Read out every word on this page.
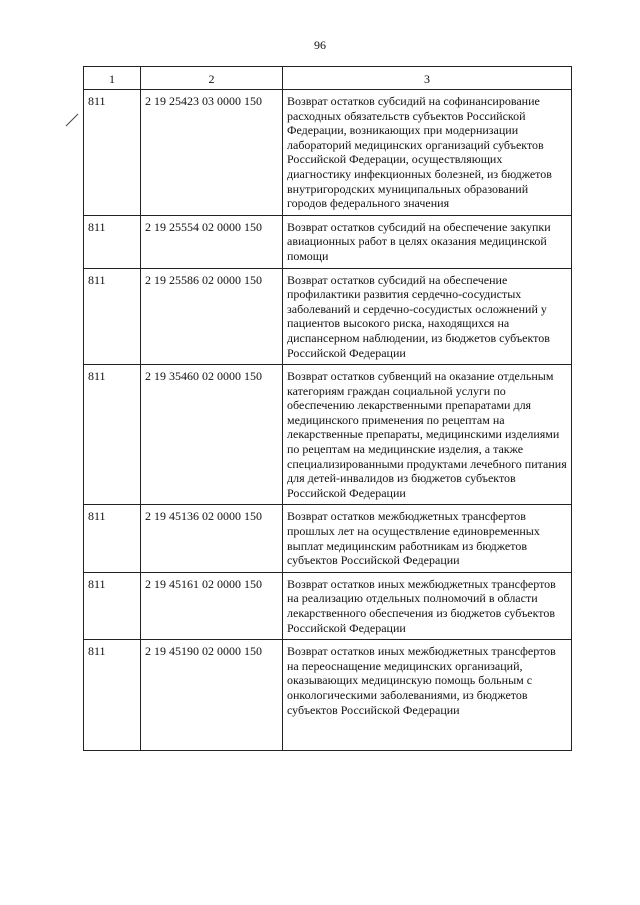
96
1	2	3
811	2 19 25423 03 0000 150	Возврат остатков субсидий на софинансирование расходных обязательств субъектов Российской Федерации, возникающих при модернизации лабораторий медицинских организаций субъектов Российской Федерации, осуществляющих диагностику инфекционных болезней, из бюджетов внутригородских муниципальных образований городов федерального значения
811	2 19 25554 02 0000 150	Возврат остатков субсидий на обеспечение закупки авиационных работ в целях оказания медицинской помощи
811	2 19 25586 02 0000 150	Возврат остатков субсидий на обеспечение профилактики развития сердечно-сосудистых заболеваний и сердечно-сосудистых осложнений у пациентов высокого риска, находящихся на диспансерном наблюдении, из бюджетов субъектов Российской Федерации
811	2 19 35460 02 0000 150	Возврат остатков субвенций на оказание отдельным категориям граждан социальной услуги по обеспечению лекарственными препаратами для медицинского применения по рецептам на лекарственные препараты, медицинскими изделиями по рецептам на медицинские изделия, а также специализированными продуктами лечебного питания для детей-инвалидов из бюджетов субъектов Российской Федерации
811	2 19 45136 02 0000 150	Возврат остатков межбюджетных трансфертов прошлых лет на осуществление единовременных выплат медицинским работникам из бюджетов субъектов Российской Федерации
811	2 19 45161 02 0000 150	Возврат остатков иных межбюджетных трансфертов на реализацию отдельных полномочий в области лекарственного обеспечения из бюджетов субъектов Российской Федерации
811	2 19 45190 02 0000 150	Возврат остатков иных межбюджетных трансфертов на переоснащение медицинских организаций, оказывающих медицинскую помощь больным с онкологическими заболеваниями, из бюджетов субъектов Российской Федерации
